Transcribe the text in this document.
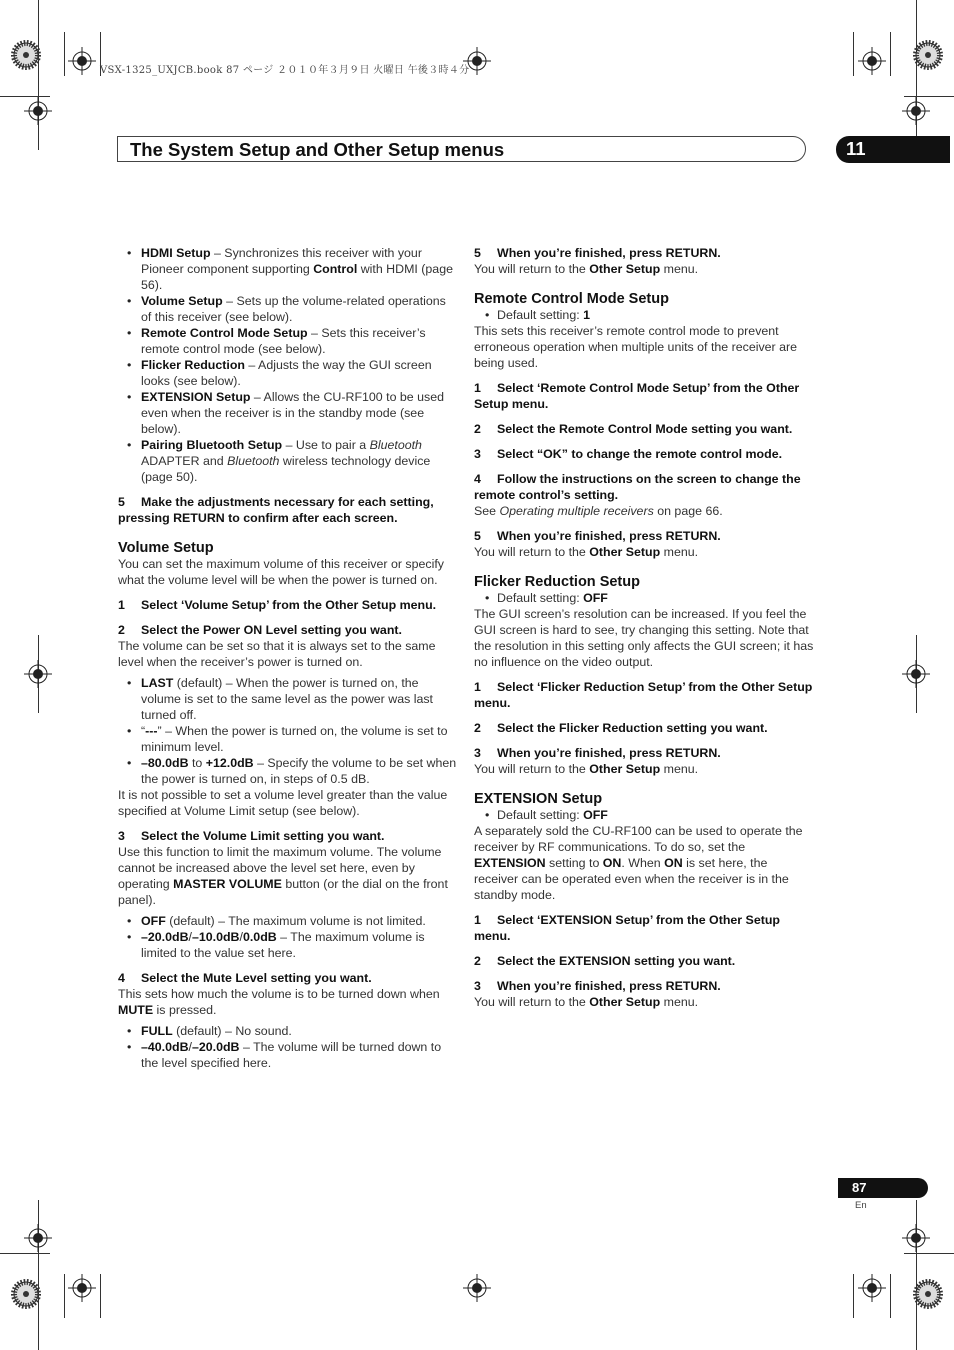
VSX-1325_UXJCB.book 87 ページ ２０１０年３月９日 火曜日 午後３時４分
The System Setup and Other Setup menus	11

• HDMI Setup – Synchronizes this receiver with your Pioneer component supporting Control with HDMI (page 56).

• Volume Setup – Sets up the volume-related operations of this receiver (see below).

• Remote Control Mode Setup – Sets this receiver’s remote control mode (see below).

• Flicker Reduction – Adjusts the way the GUI screen looks (see below).

• EXTENSION Setup – Allows the CU-RF100 to be used even when the receiver is in the standby mode (see below).

• Pairing Bluetooth Setup – Use to pair a Bluetooth ADAPTER and Bluetooth wireless technology device (page 50).

5 Make the adjustments necessary for each setting, pressing RETURN to confirm after each screen.

Volume Setup

You can set the maximum volume of this receiver or specify what the volume level will be when the power is turned on.

1 Select ‘Volume Setup’ from the Other Setup menu.

2 Select the Power ON Level setting you want.

The volume can be set so that it is always set to the same level when the receiver’s power is turned on.

• LAST (default) – When the power is turned on, the volume is set to the same level as the power was last turned off.

• “---” – When the power is turned on, the volume is set to minimum level.

• –80.0dB to +12.0dB – Specify the volume to be set when the power is turned on, in steps of 0.5 dB.

It is not possible to set a volume level greater than the value specified at Volume Limit setup (see below).

3 Select the Volume Limit setting you want.

Use this function to limit the maximum volume. The volume cannot be increased above the level set here, even by operating MASTER VOLUME button (or the dial on the front panel).

• OFF (default) – The maximum volume is not limited.

• –20.0dB/–10.0dB/0.0dB – The maximum volume is limited to the value set here.

4 Select the Mute Level setting you want.

This sets how much the volume is to be turned down when MUTE is pressed.

• FULL (default) – No sound.

• –40.0dB/–20.0dB – The volume will be turned down to the level specified here.

5 When you’re finished, press RETURN.

You will return to the Other Setup menu.

Remote Control Mode Setup

• Default setting: 1

This sets this receiver’s remote control mode to prevent erroneous operation when multiple units of the receiver are being used.

1 Select ‘Remote Control Mode Setup’ from the Other Setup menu.

2 Select the Remote Control Mode setting you want.

3 Select “OK” to change the remote control mode.

4 Follow the instructions on the screen to change the remote control’s setting.

See Operating multiple receivers on page 66.

5 When you’re finished, press RETURN.

You will return to the Other Setup menu.

Flicker Reduction Setup

• Default setting: OFF

The GUI screen’s resolution can be increased. If you feel the GUI screen is hard to see, try changing this setting. Note that the resolution in this setting only affects the GUI screen; it has no influence on the video output.

1 Select ‘Flicker Reduction Setup’ from the Other Setup menu.

2 Select the Flicker Reduction setting you want.

3 When you’re finished, press RETURN.

You will return to the Other Setup menu.

EXTENSION Setup

• Default setting: OFF

A separately sold the CU-RF100 can be used to operate the receiver by RF communications. To do so, set the EXTENSION setting to ON. When ON is set here, the receiver can be operated even when the receiver is in the standby mode.

1 Select ‘EXTENSION Setup’ from the Other Setup menu.

2 Select the EXTENSION setting you want.

3 When you’re finished, press RETURN.

You will return to the Other Setup menu.

87
En
